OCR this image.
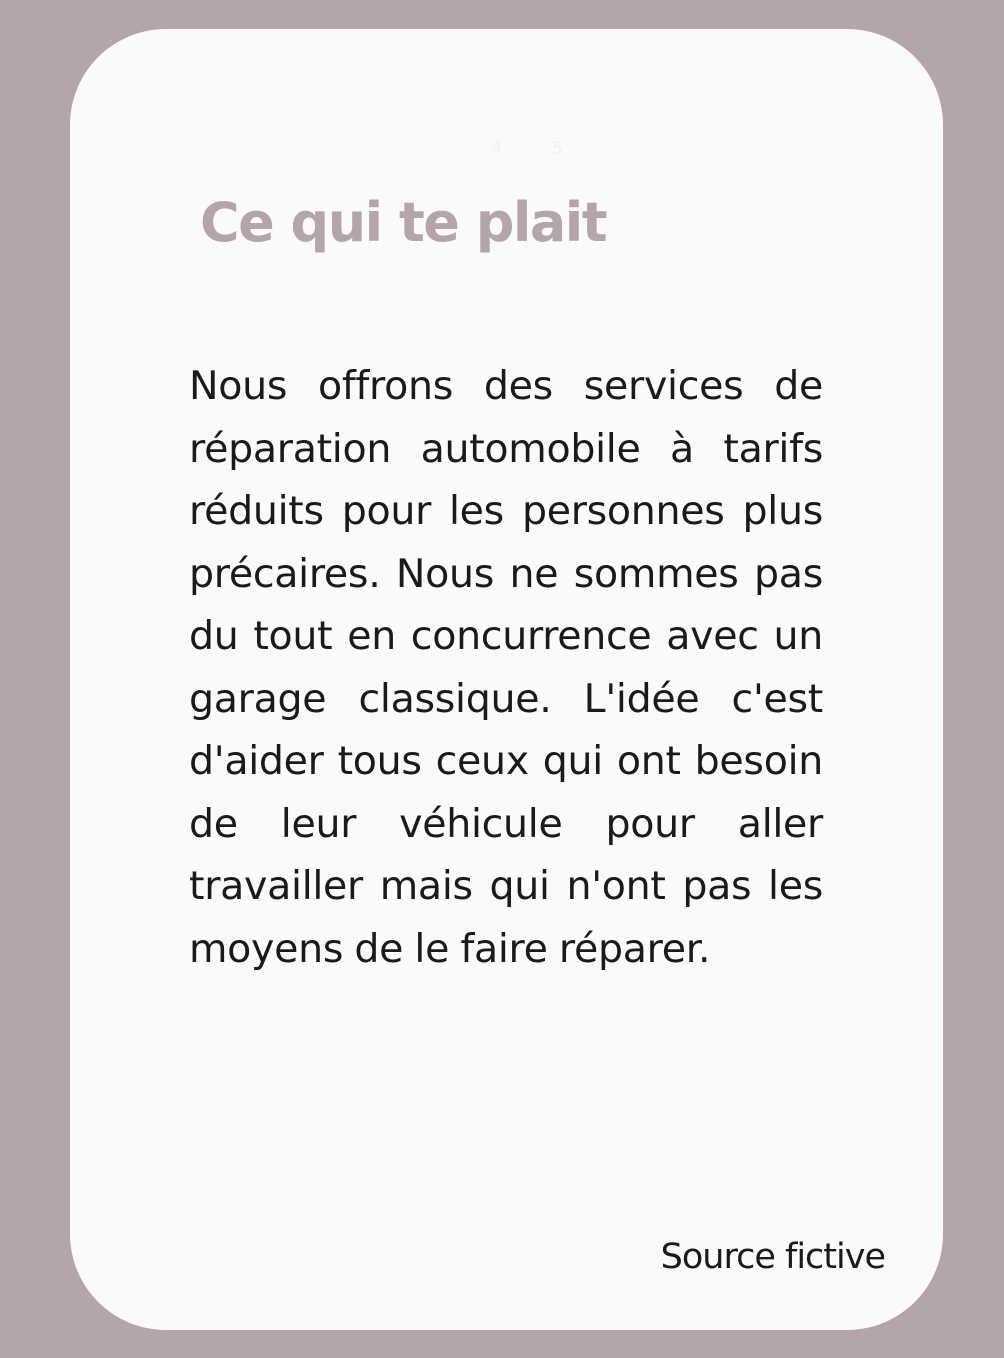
4	5
Ce qui te plait

Nous offrons des services de réparation automobile à tarifs réduits pour les personnes plus précaires. Nous ne sommes pas du tout en concurrence avec un garage classique. L'idée c'est d'aider tous ceux qui ont besoin de leur véhicule pour aller travailler mais qui n'ont pas les moyens de le faire réparer.

Source fictive
